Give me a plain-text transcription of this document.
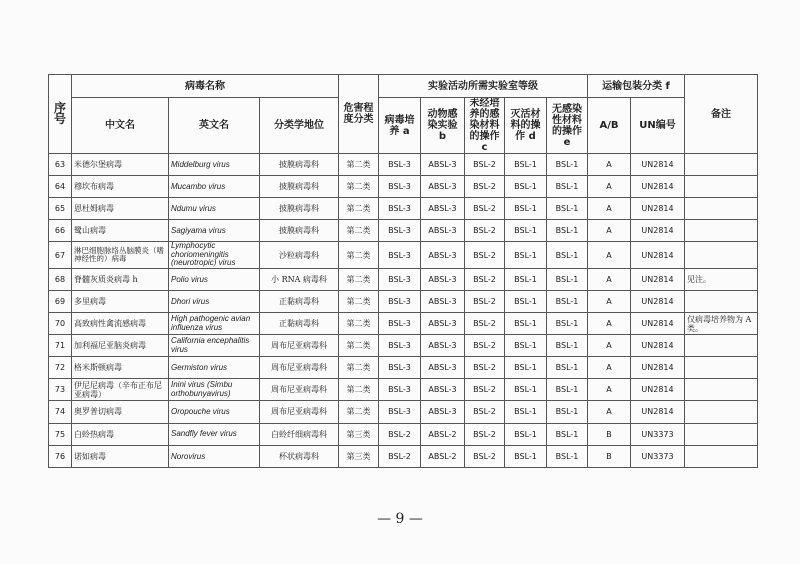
序号	病毒名称			危害程度分类	实验活动所需实验室等级					运输包装分类 f		备注
	中文名	英文名	分类学地位		病毒培养 a	动物感染实验 b	未经培养的感染材料的操作 c	灭活材料的操作 d	无感染性材料的操作 e	A/B	UN编号	
63	米德尔堡病毒	Middelburg virus	披膜病毒科	第二类	BSL-3	ABSL-3	BSL-2	BSL-1	BSL-1	A	UN2814	
64	穆坎布病毒	Mucambo virus	披膜病毒科	第二类	BSL-3	ABSL-3	BSL-2	BSL-1	BSL-1	A	UN2814	
65	恩杜姆病毒	Ndumu virus	披膜病毒科	第二类	BSL-3	ABSL-3	BSL-2	BSL-1	BSL-1	A	UN2814	
66	鹭山病毒	Sagiyama virus	披膜病毒科	第二类	BSL-3	ABSL-3	BSL-2	BSL-1	BSL-1	A	UN2814	
67	淋巴细胞脉络丛脑膜炎（嗜神经性的）病毒	Lymphocytic choriomeningitis (neurotropic) virus	沙粒病毒科	第二类	BSL-3	ABSL-3	BSL-2	BSL-1	BSL-1	A	UN2814	
68	脊髓灰质炎病毒 h	Polio virus	小 RNA 病毒科	第二类	BSL-3	ABSL-3	BSL-2	BSL-1	BSL-1	A	UN2814	见注。
69	多里病毒	Dhori virus	正黏病毒科	第二类	BSL-3	ABSL-3	BSL-2	BSL-1	BSL-1	A	UN2814	
70	高致病性禽流感病毒	High pathogenic avian influenza virus	正黏病毒科	第二类	BSL-3	ABSL-3	BSL-2	BSL-1	BSL-1	A	UN2814	仅病毒培养物为 A 类。
71	加利福尼亚脑炎病毒	California encephalitis virus	周布尼亚病毒科	第二类	BSL-3	ABSL-3	BSL-2	BSL-1	BSL-1	A	UN2814	
72	格米斯顿病毒	Germiston virus	周布尼亚病毒科	第二类	BSL-3	ABSL-3	BSL-2	BSL-1	BSL-1	A	UN2814	
73	伊尼尼病毒（辛布正布尼亚病毒）	Inini virus (Simbu orthobunyavirus)	周布尼亚病毒科	第二类	BSL-3	ABSL-3	BSL-2	BSL-1	BSL-1	A	UN2814	
74	奥罗普切病毒	Oropouche virus	周布尼亚病毒科	第二类	BSL-3	ABSL-3	BSL-2	BSL-1	BSL-1	A	UN2814	
75	白蛉热病毒	Sandfly fever virus	白蛉纤细病毒科	第三类	BSL-2	ABSL-2	BSL-2	BSL-1	BSL-1	B	UN3373	
76	诺如病毒	Norovirus	杯状病毒科	第三类	BSL-2	ABSL-2	BSL-2	BSL-1	BSL-1	B	UN3373	
— 9 —
